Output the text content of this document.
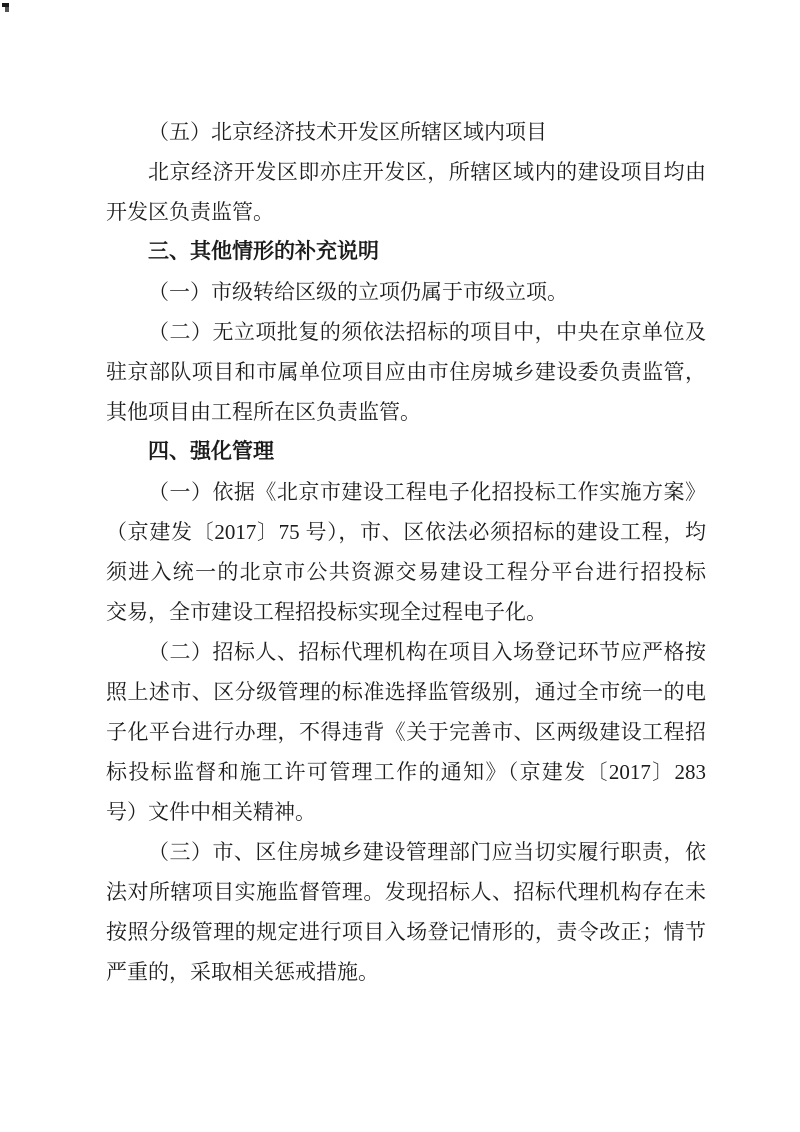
（五）北京经济技术开发区所辖区域内项目
北京经济开发区即亦庄开发区，所辖区域内的建设项目均由
开发区负责监管。
三、其他情形的补充说明
（一）市级转给区级的立项仍属于市级立项。
（二）无立项批复的须依法招标的项目中，中央在京单位及
驻京部队项目和市属单位项目应由市住房城乡建设委负责监管，
其他项目由工程所在区负责监管。
四、强化管理
（一）依据《北京市建设工程电子化招投标工作实施方案》
（京建发〔2017〕75 号），市、区依法必须招标的建设工程，均
须进入统一的北京市公共资源交易建设工程分平台进行招投标
交易，全市建设工程招投标实现全过程电子化。
（二）招标人、招标代理机构在项目入场登记环节应严格按
照上述市、区分级管理的标准选择监管级别，通过全市统一的电
子化平台进行办理，不得违背《关于完善市、区两级建设工程招
标投标监督和施工许可管理工作的通知》（京建发〔2017〕283
号）文件中相关精神。
（三）市、区住房城乡建设管理部门应当切实履行职责，依
法对所辖项目实施监督管理。发现招标人、招标代理机构存在未
按照分级管理的规定进行项目入场登记情形的，责令改正；情节
严重的，采取相关惩戒措施。
